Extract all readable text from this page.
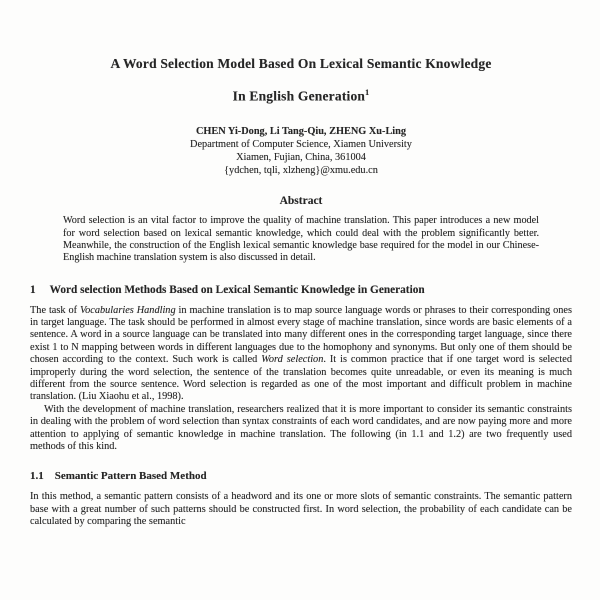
A Word Selection Model Based On Lexical Semantic Knowledge
In English Generation$^1$
CHEN Yi-Dong, Li Tang-Qiu, ZHENG Xu-Ling
Department of Computer Science, Xiamen University
Xiamen, Fujian, China, 361004
{ydchen, tqli, xlzheng}@xmu.edu.cn
Abstract
Word selection is an vital factor to improve the quality of machine translation. This paper introduces a new model for word selection based on lexical semantic knowledge, which could deal with the problem significantly better. Meanwhile, the construction of the English lexical semantic knowledge base required for the model in our Chinese-English machine translation system is also discussed in detail.
1 Word selection Methods Based on Lexical Semantic Knowledge in Generation
The task of Vocabularies Handling in machine translation is to map source language words or phrases to their corresponding ones in target language. The task should be performed in almost every stage of machine translation, since words are basic elements of a sentence. A word in a source language can be translated into many different ones in the corresponding target language, since there exist 1 to N mapping between words in different languages due to the homophony and synonyms. But only one of them should be chosen according to the context. Such work is called Word selection. It is common practice that if one target word is selected improperly during the word selection, the sentence of the translation becomes quite unreadable, or even its meaning is much different from the source sentence. Word selection is regarded as one of the most important and difficult problem in machine translation. (Liu Xiaohu et al., 1998).
With the development of machine translation, researchers realized that it is more important to consider its semantic constraints in dealing with the problem of word selection than syntax constraints of each word candidates, and are now paying more and more attention to applying of semantic knowledge in machine translation. The following (in 1.1 and 1.2) are two frequently used methods of this kind.
1.1 Semantic Pattern Based Method
In this method, a semantic pattern consists of a headword and its one or more slots of semantic constraints. The semantic pattern base with a great number of such patterns should be constructed first. In word selection, the probability of each candidate can be calculated by comparing the semantic
